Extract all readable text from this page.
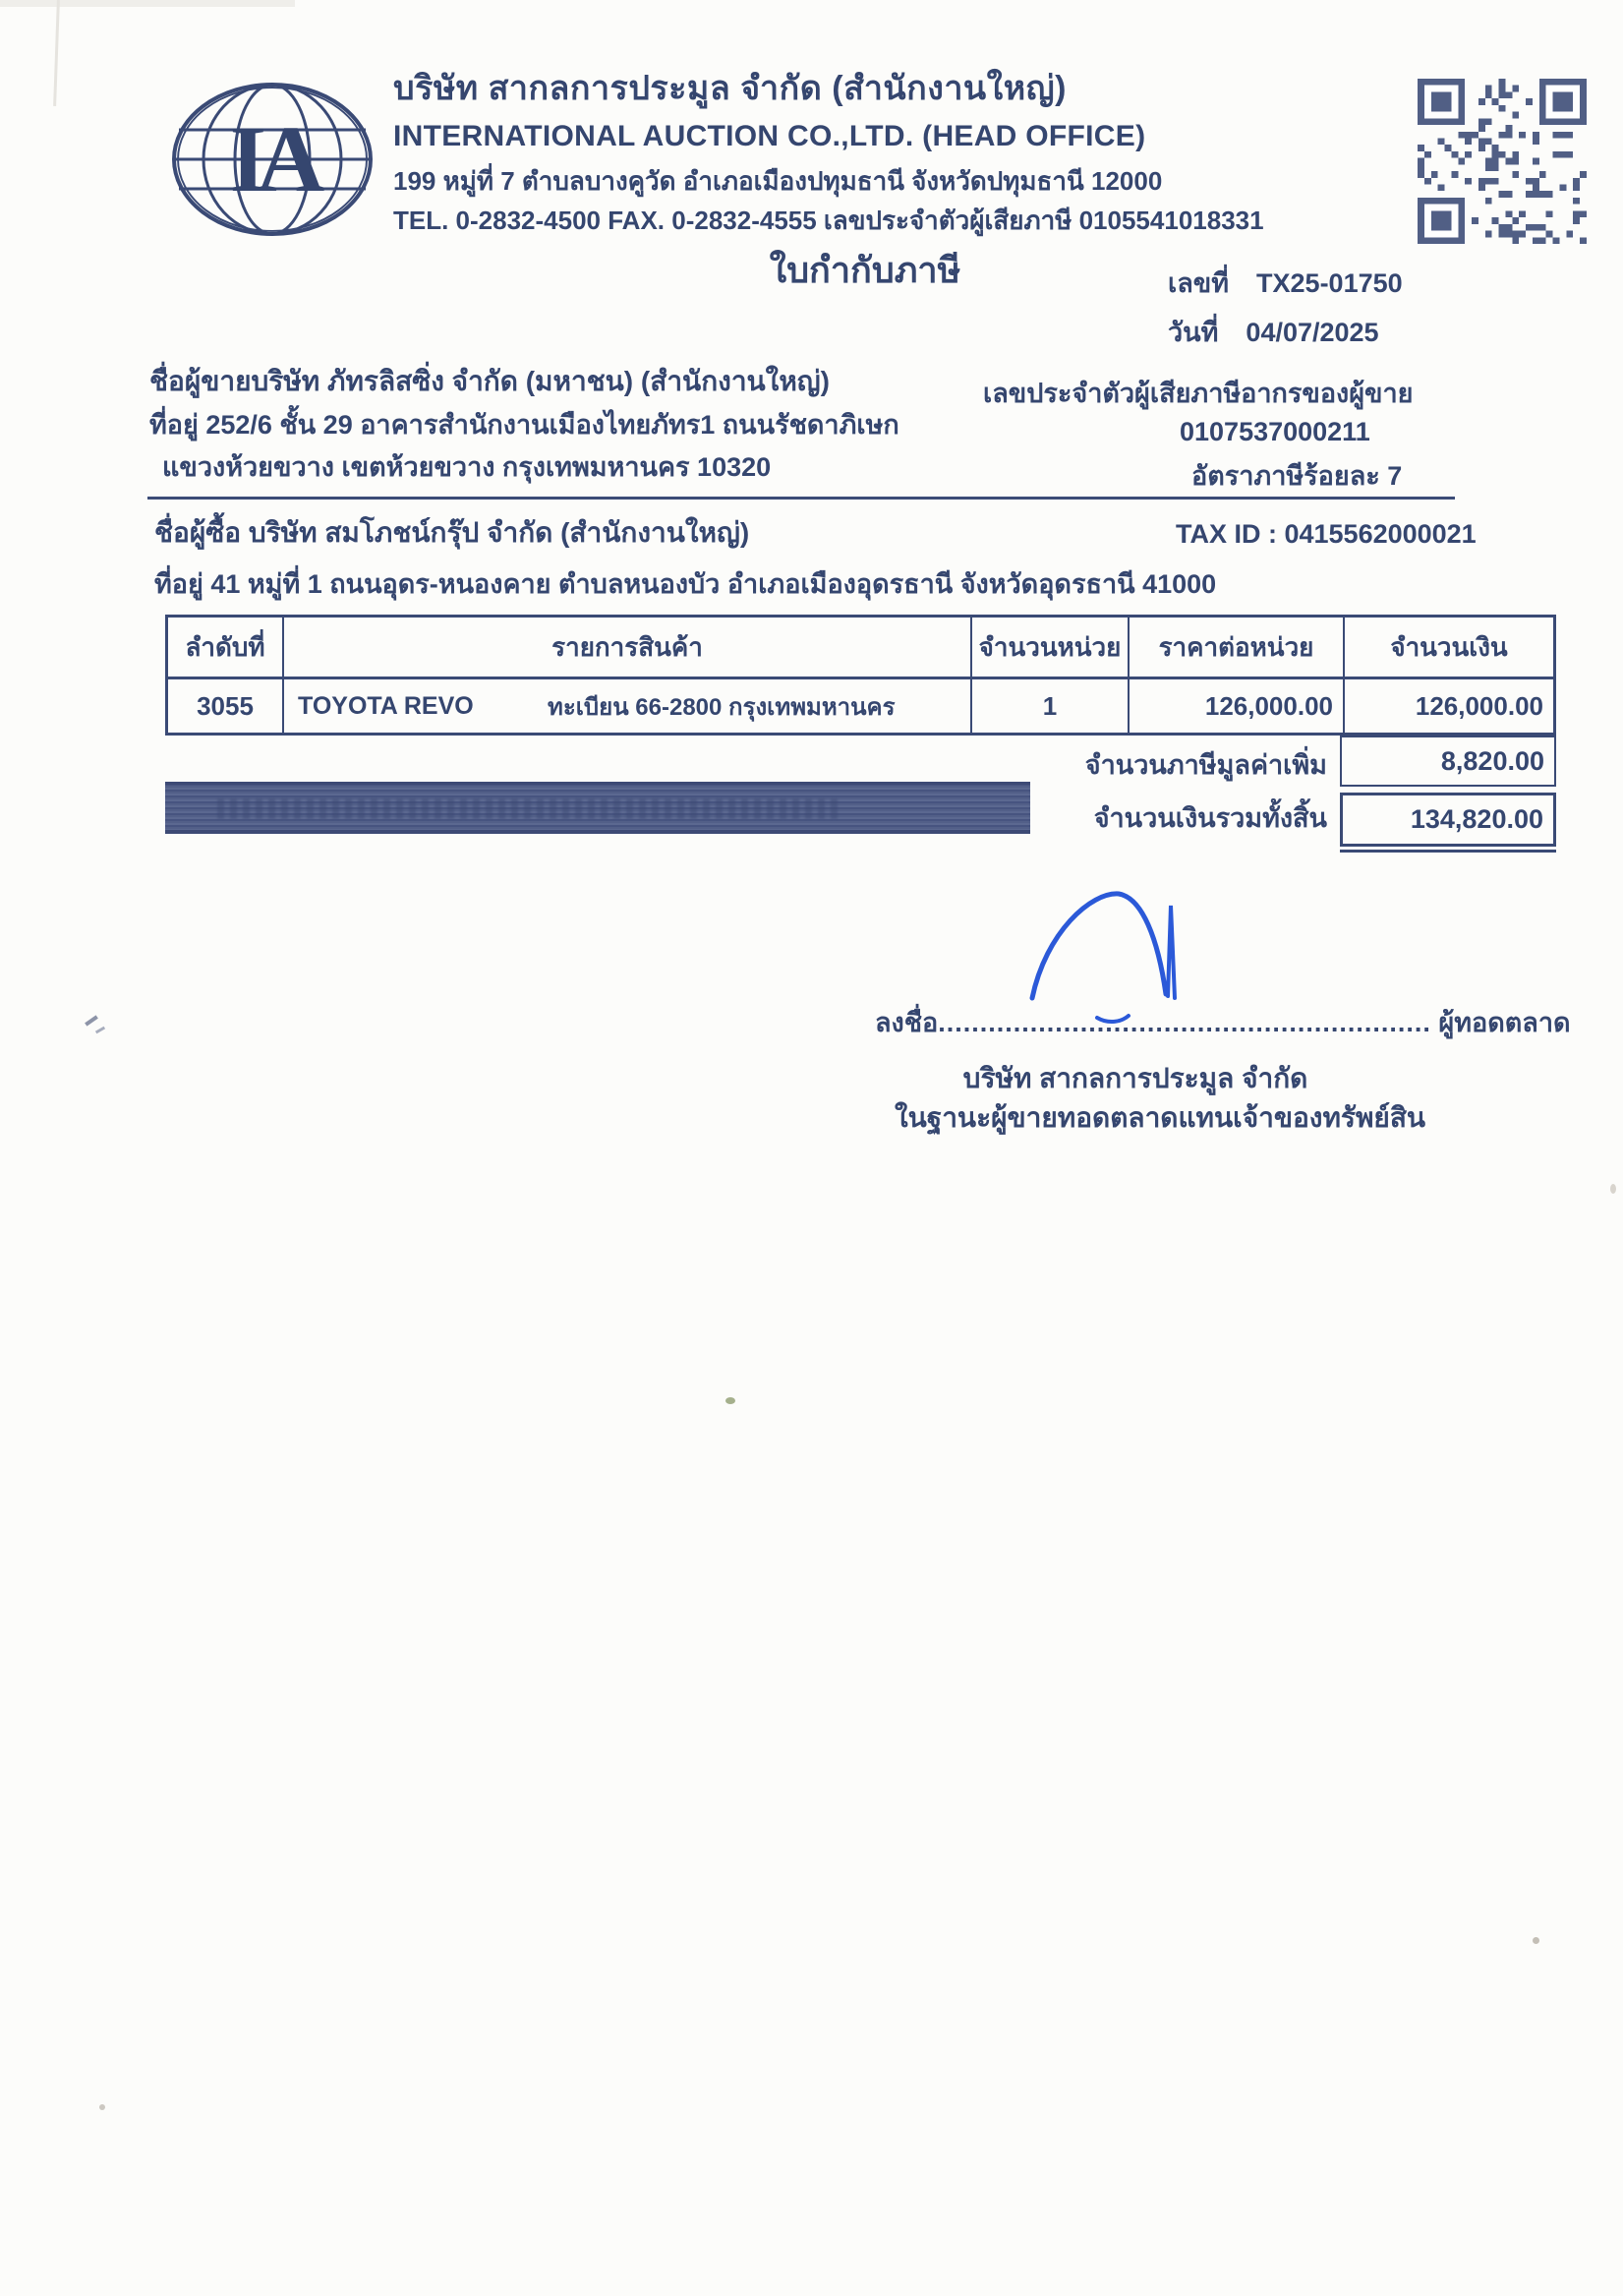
IA
บริษัท สากลการประมูล จำกัด (สำนักงานใหญ่)
INTERNATIONAL AUCTION CO.,LTD. (HEAD OFFICE)
199 หมู่ที่ 7 ตำบลบางคูวัด อำเภอเมืองปทุมธานี จังหวัดปทุมธานี 12000
TEL. 0-2832-4500 FAX. 0-2832-4555 เลขประจำตัวผู้เสียภาษี 0105541018331
ใบกำกับภาษี	เลขที่ TX25-01750
วันที่ 04/07/2025
ชื่อผู้ขายบริษัท ภัทรลิสซิ่ง จำกัด (มหาชน) (สำนักงานใหญ่)	เลขประจำตัวผู้เสียภาษีอากรของผู้ขาย
ที่อยู่ 252/6 ชั้น 29 อาคารสำนักงานเมืองไทยภัทร1 ถนนรัชดาภิเษก	0107537000211
แขวงห้วยขวาง เขตห้วยขวาง กรุงเทพมหานคร 10320	อัตราภาษีร้อยละ 7
ชื่อผู้ซื้อ บริษัท สมโภชน์กรุ๊ป จำกัด (สำนักงานใหญ่)	TAX ID : 0415562000021
ที่อยู่ 41 หมู่ที่ 1 ถนนอุดร-หนองคาย ตำบลหนองบัว อำเภอเมืองอุดรธานี จังหวัดอุดรธานี 41000
ลำดับที่	รายการสินค้า	จำนวนหน่วย	ราคาต่อหน่วย	จำนวนเงิน
3055	TOYOTA REVO	ทะเบียน 66-2800 กรุงเทพมหานคร	1	126,000.00	126,000.00
จำนวนภาษีมูลค่าเพิ่ม	8,820.00
จำนวนเงินรวมทั้งสิ้น	134,820.00
ลงชื่อ........................................................... ผู้ทอดตลาด
บริษัท สากลการประมูล จำกัด
ในฐานะผู้ขายทอดตลาดแทนเจ้าของทรัพย์สิน
